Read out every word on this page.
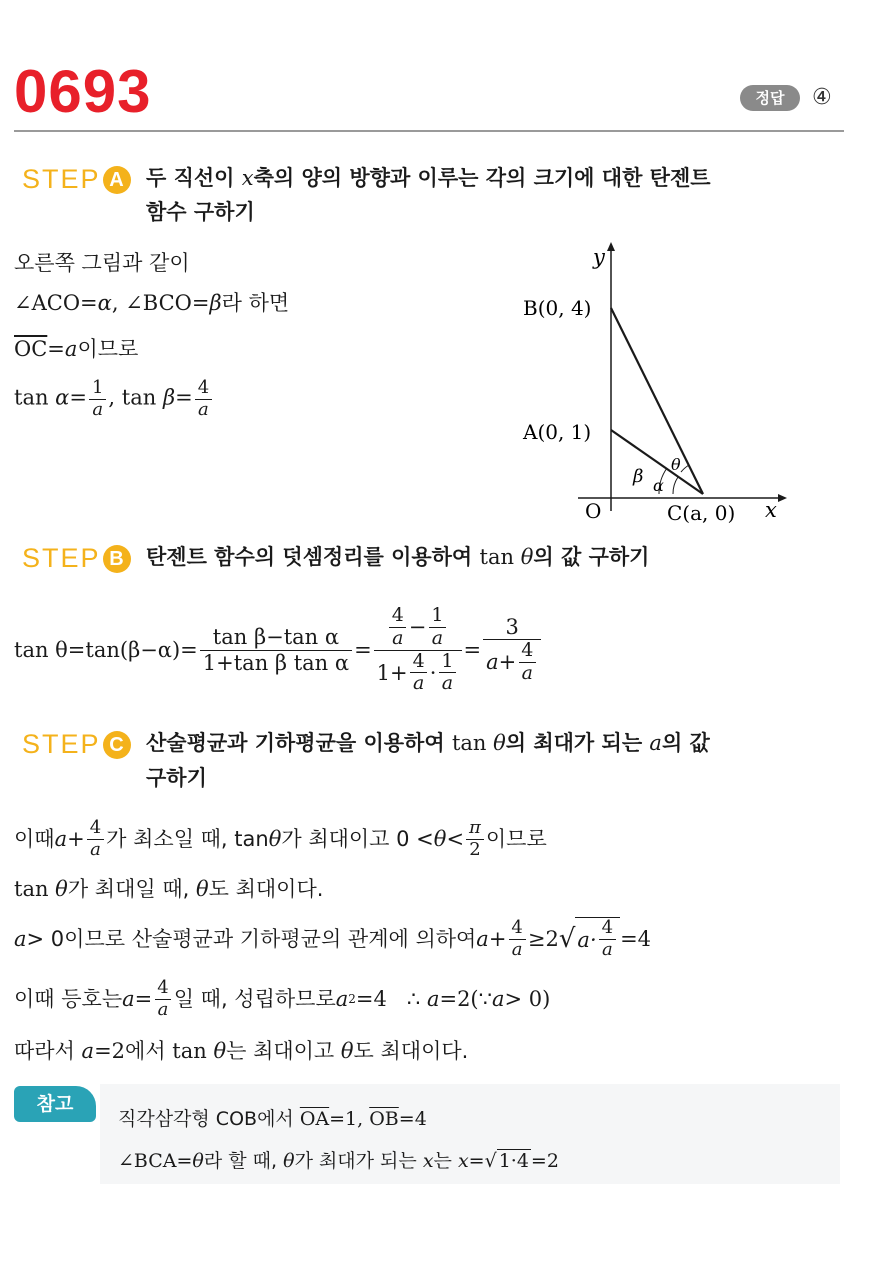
0693	정답	④
STEP A	두 직선이 x축의 양의 방향과 이루는 각의 크기에 대한 탄젠트
함수 구하기
오른쪽 그림과 같이
∠ACO=α, ∠BCO=β라 하면
$\overline{OC}=a$이므로
$\tan \alpha= \frac{1}{a}$ , $\tan \beta= \frac{4}{a}$
y
x
O
B(0, 4)
A(0, 1)
C(a, 0)
β α
θ
STEP B	탄젠트 함수의 덧셈정리를 이용하여 tan θ의 값 구하기
$\tan \theta=\tan(\beta-\alpha)= \frac{\text{tan β−tan α}}{\text{1+tan β tan α}} = \frac{\frac{4}{a} - \frac{1}{a}}{1+ \frac{4}{a} \cdot \frac{1}{a}} = \frac{3}{a+ \frac{4}{a}}$
STEP C	산술평균과 기하평균을 이용하여 tan θ의 최대가 되는 a의 값
구하기
이때 $a+ \frac{4}{a}$ 가 최소일 때, tan θ 가 최대이고 $0 < \theta < \frac{\pi}{2}$ 이므로
tan θ가 최대일 때, θ도 최대이다.
a > 0이므로 산술평균과 기하평균의 관계에 의하여 $a+ \frac{4}{a} \ge 2$ √ $a\cdot \frac{4}{a} =4$
이때 등호는 $a = \frac{4}{a}$ 일 때, 성립하므로 a 2 =4   ∴ a =2(∵ a > 0)
따라서 a=2에서 tan θ는 최대이고 θ도 최대이다.
참고
직각삼각형 COB에서 $\overline{OA}=1$, $\overline{OB}=4$
∠BCA=θ라 할 때, θ가 최대가 되는 x는 x=√ 1·4 =2
